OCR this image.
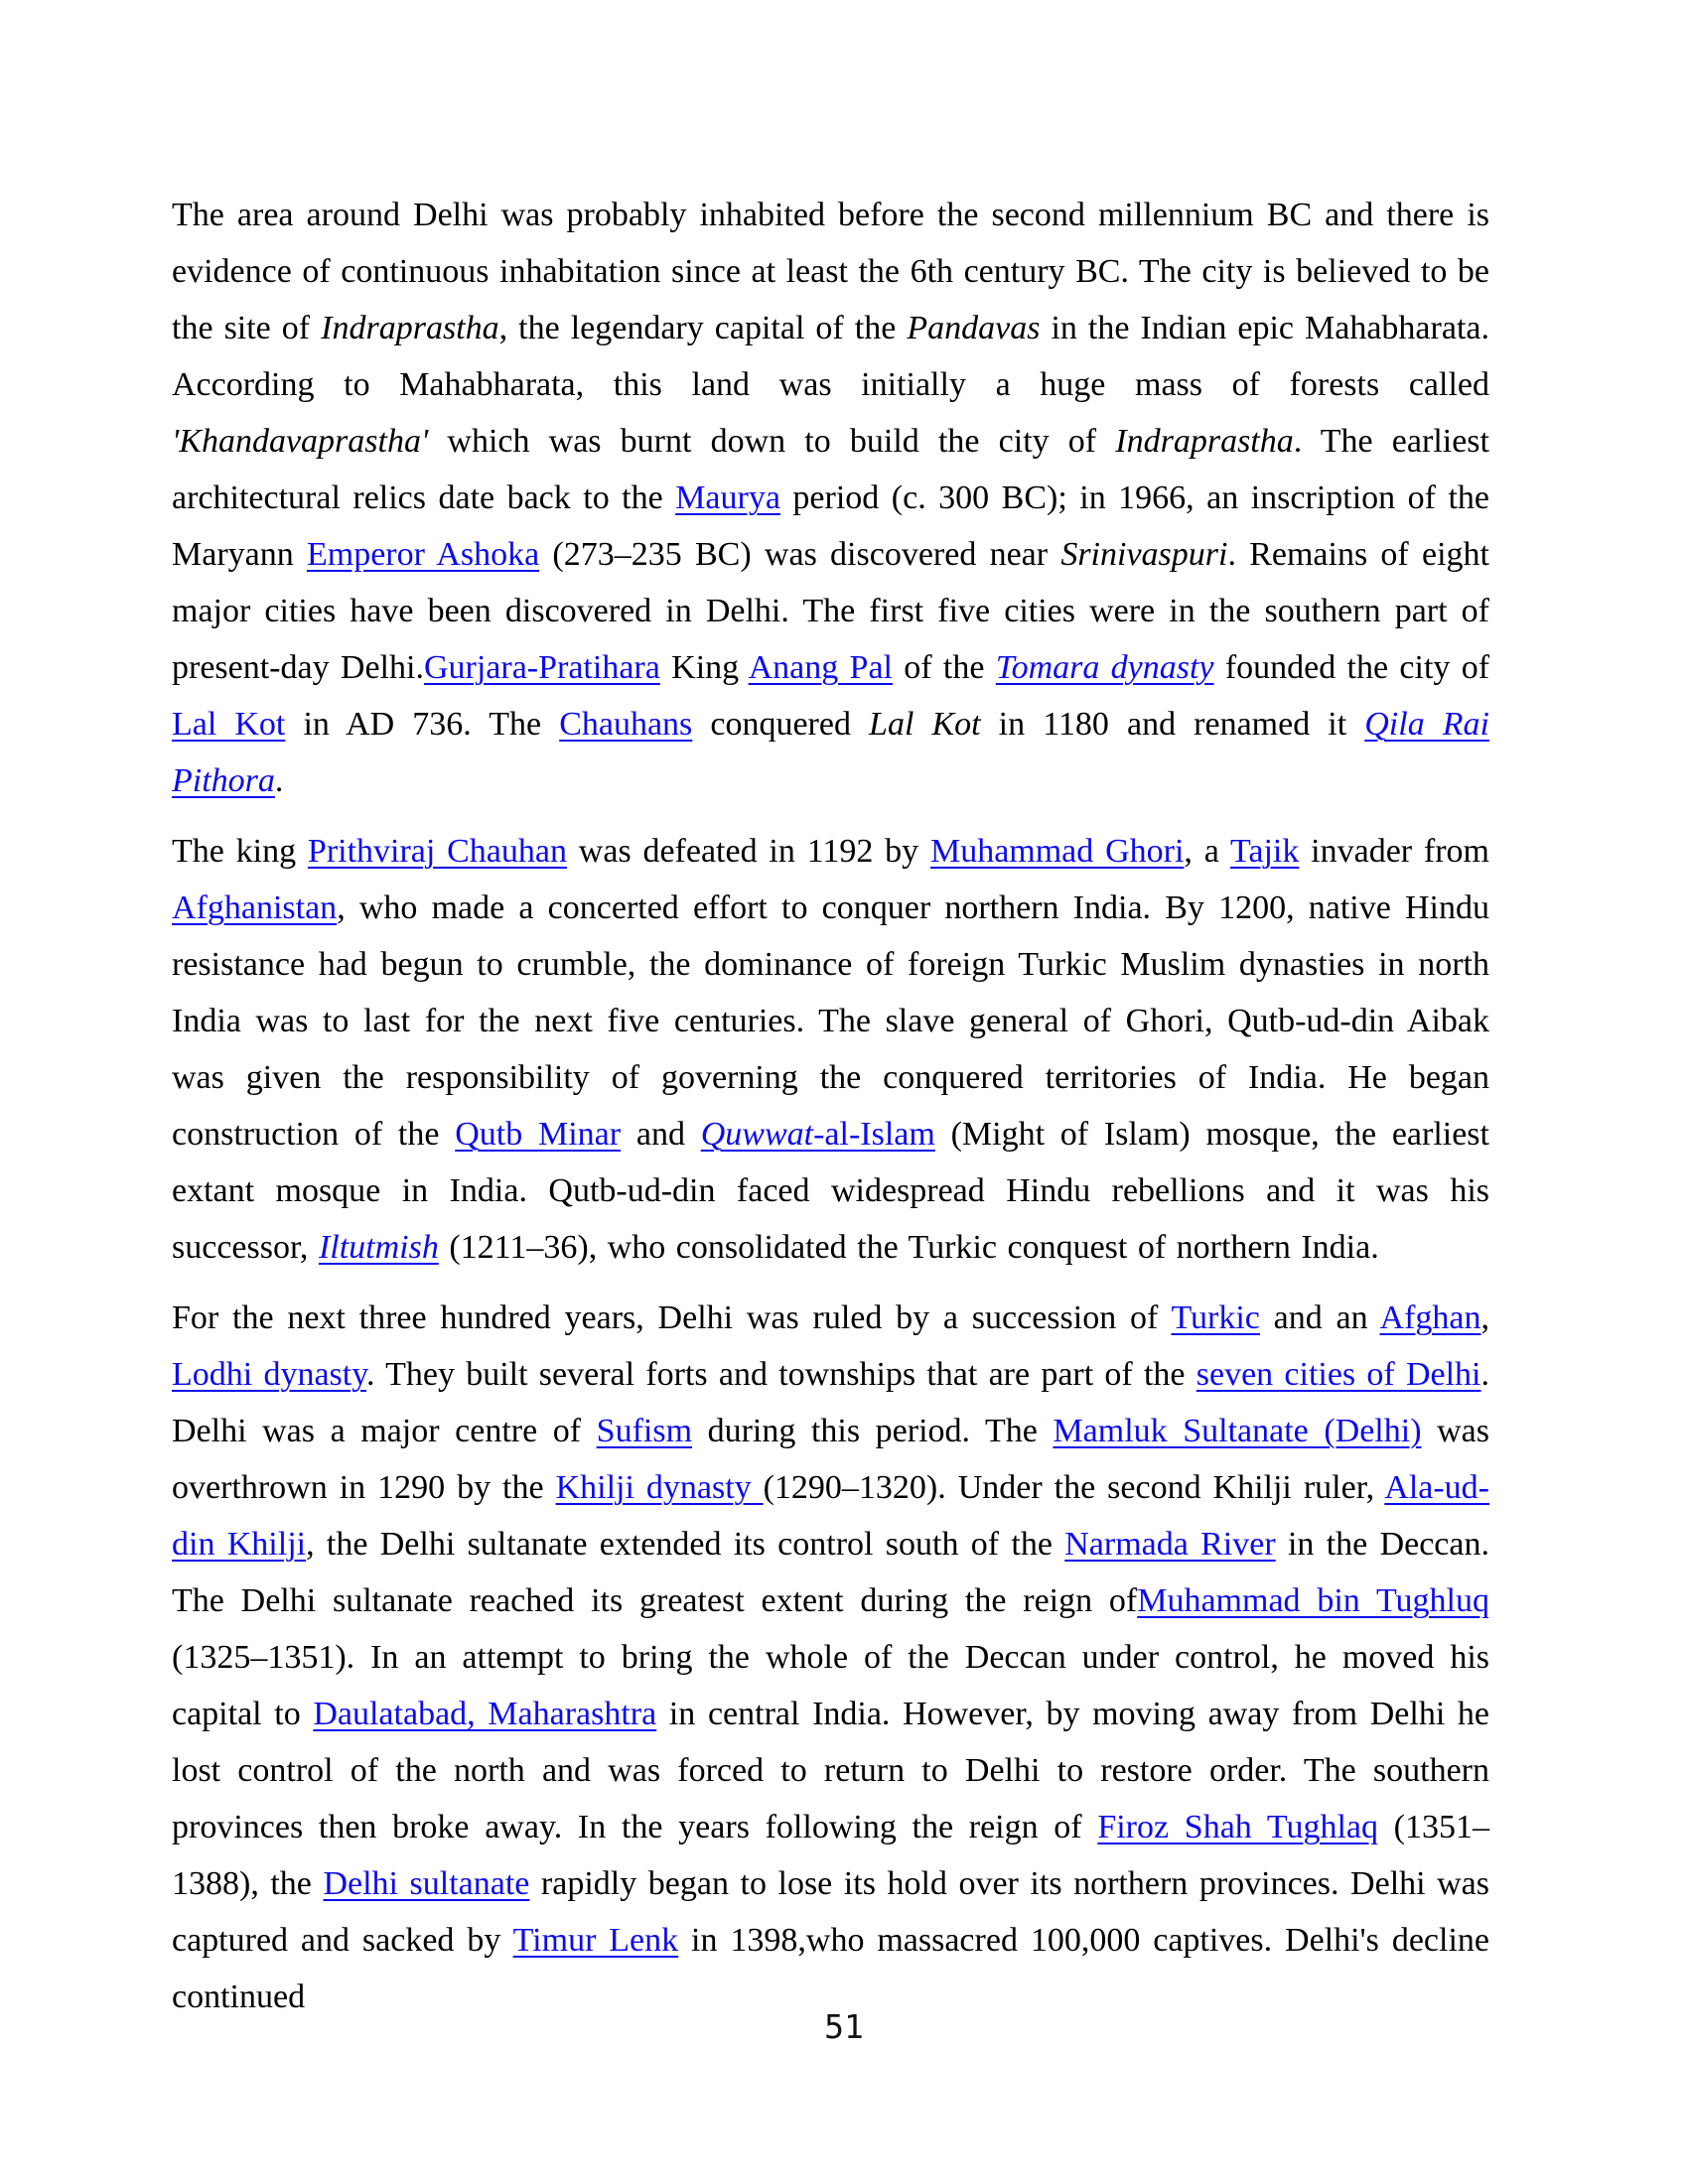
The area around Delhi was probably inhabited before the second millennium BC and there is evidence of continuous inhabitation since at least the 6th century BC. The city is believed to be the site of Indraprastha, the legendary capital of the Pandavas in the Indian epic Mahabharata. According to Mahabharata, this land was initially a huge mass of forests called 'Khandavaprastha' which was burnt down to build the city of Indraprastha. The earliest architectural relics date back to the Maurya period (c. 300 BC); in 1966, an inscription of the Maryann Emperor Ashoka (273–235 BC) was discovered near Srinivaspuri. Remains of eight major cities have been discovered in Delhi. The first five cities were in the southern part of present-day Delhi.Gurjara-Pratihara King Anang Pal of the Tomara dynasty founded the city of Lal Kot in AD 736. The Chauhans conquered Lal Kot in 1180 and renamed it Qila Rai Pithora.

The king Prithviraj Chauhan was defeated in 1192 by Muhammad Ghori, a Tajik invader from Afghanistan, who made a concerted effort to conquer northern India. By 1200, native Hindu resistance had begun to crumble, the dominance of foreign Turkic Muslim dynasties in north India was to last for the next five centuries. The slave general of Ghori, Qutb-ud-din Aibak was given the responsibility of governing the conquered territories of India. He began construction of the Qutb Minar and Quwwat-al-Islam (Might of Islam) mosque, the earliest extant mosque in India. Qutb-ud-din faced widespread Hindu rebellions and it was his successor, Iltutmish (1211–36), who consolidated the Turkic conquest of northern India.

For the next three hundred years, Delhi was ruled by a succession of Turkic and an Afghan, Lodhi dynasty. They built several forts and townships that are part of the seven cities of Delhi. Delhi was a major centre of Sufism during this period. The Mamluk Sultanate (Delhi) was overthrown in 1290 by the Khilji dynasty (1290–1320). Under the second Khilji ruler, Ala-ud-din Khilji, the Delhi sultanate extended its control south of the Narmada River in the Deccan. The Delhi sultanate reached its greatest extent during the reign ofMuhammad bin Tughluq (1325–1351). In an attempt to bring the whole of the Deccan under control, he moved his capital to Daulatabad, Maharashtra in central India. However, by moving away from Delhi he lost control of the north and was forced to return to Delhi to restore order. The southern provinces then broke away. In the years following the reign of Firoz Shah Tughlaq (1351–1388), the Delhi sultanate rapidly began to lose its hold over its northern provinces. Delhi was captured and sacked by Timur Lenk in 1398,who massacred 100,000 captives. Delhi's decline continued

51
